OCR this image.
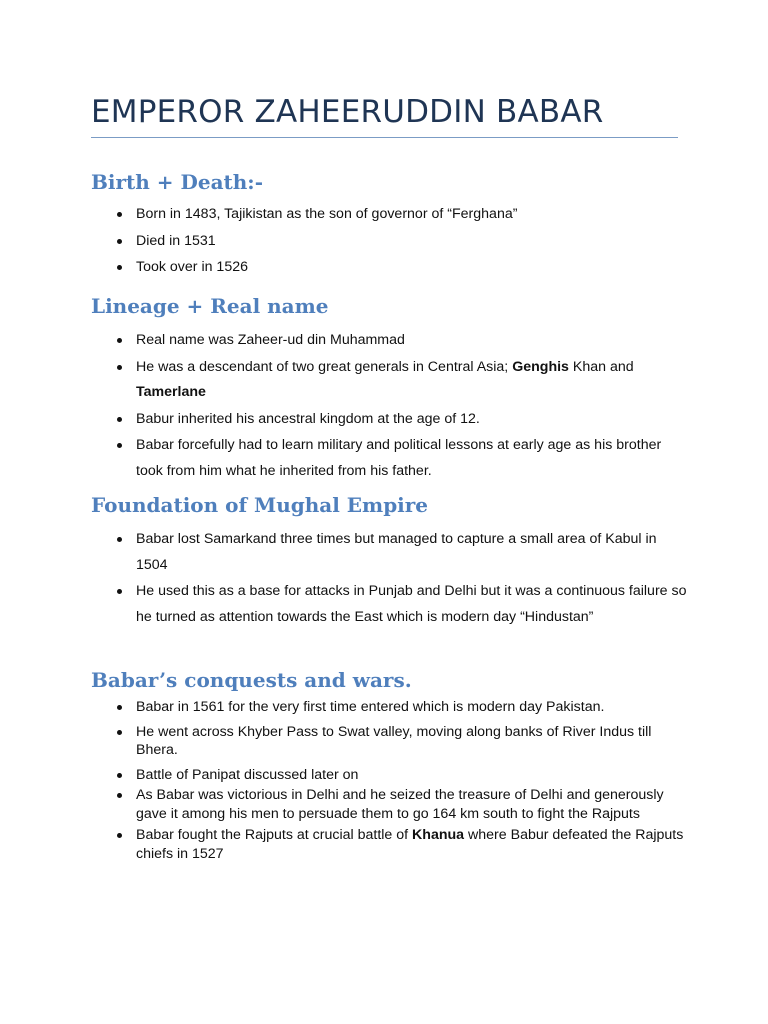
EMPEROR ZAHEERUDDIN BABAR
Birth + Death:-
Born in 1483, Tajikistan as the son of governor of “Ferghana”
Died in 1531
Took over in 1526
Lineage + Real name
Real name was Zaheer-ud din Muhammad
He was a descendant of two great generals in Central Asia; Genghis Khan and Tamerlane
Babur inherited his ancestral kingdom at the age of 12.
Babar forcefully had to learn military and political lessons at early age as his brother took from him what he inherited from his father.
Foundation of Mughal Empire
Babar lost Samarkand three times but managed to capture a small area of Kabul in 1504
He used this as a base for attacks in Punjab and Delhi but it was a continuous failure so he turned as attention towards the East which is modern day “Hindustan”
Babar’s conquests and wars.
Babar in 1561 for the very first time entered which is modern day Pakistan.
He went across Khyber Pass to Swat valley, moving along banks of River Indus till Bhera.
Battle of Panipat discussed later on
As Babar was victorious in Delhi and he seized the treasure of Delhi and generously gave it among his men to persuade them to go 164 km south to fight the Rajputs
Babar fought the Rajputs at crucial battle of Khanua where Babur defeated the Rajputs chiefs in 1527
